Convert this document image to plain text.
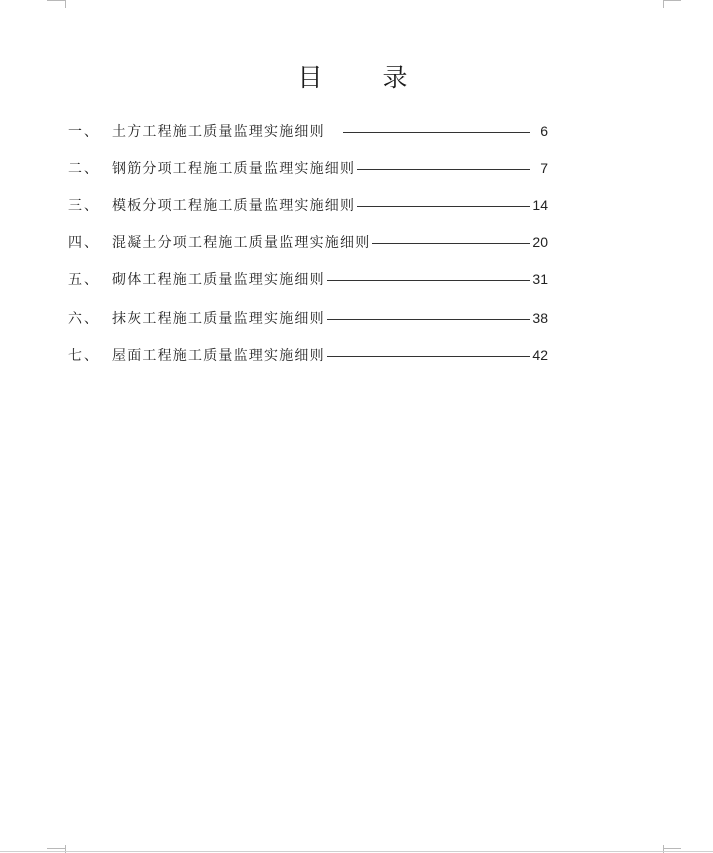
目 录
一、 土方工程施工质量监理实施细则	6
二、 钢筋分项工程施工质量监理实施细则	7
三、 模板分项工程施工质量监理实施细则	14
四、 混凝土分项工程施工质量监理实施细则	20
五、 砌体工程施工质量监理实施细则	31
六、 抹灰工程施工质量监理实施细则	38
七、 屋面工程施工质量监理实施细则	42
